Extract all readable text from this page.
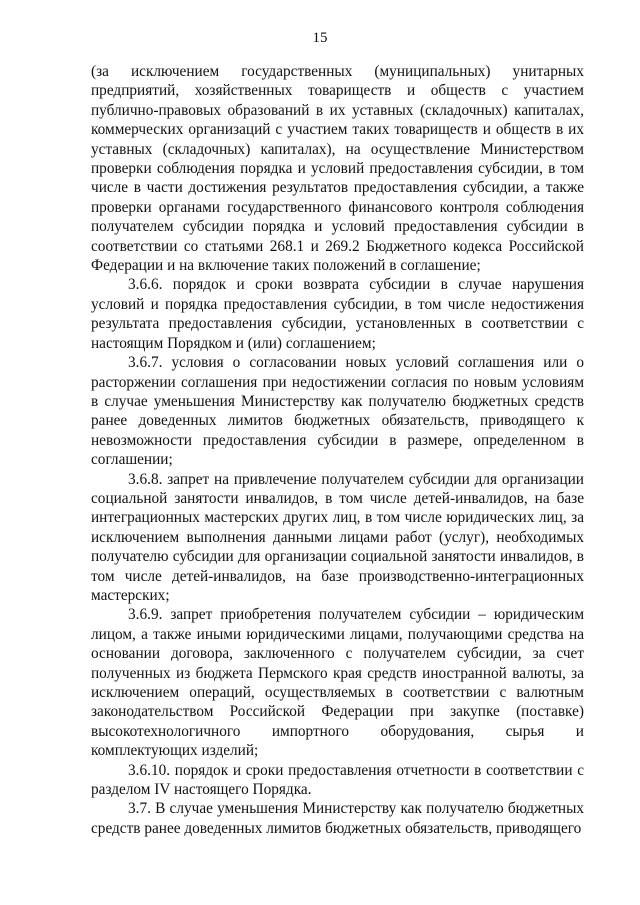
15

(за исключением государственных (муниципальных) унитарных предприятий, хозяйственных товариществ и обществ с участием публично-правовых образований в их уставных (складочных) капиталах, коммерческих организаций с участием таких товариществ и обществ в их уставных (складочных) капиталах), на осуществление Министерством проверки соблюдения порядка и условий предоставления субсидии, в том числе в части достижения результатов предоставления субсидии, а также проверки органами государственного финансового контроля соблюдения получателем субсидии порядка и условий предоставления субсидии в соответствии со статьями 268.1 и 269.2 Бюджетного кодекса Российской Федерации и на включение таких положений в соглашение;

3.6.6. порядок и сроки возврата субсидии в случае нарушения условий и порядка предоставления субсидии, в том числе недостижения результата предоставления субсидии, установленных в соответствии с настоящим Порядком и (или) соглашением;

3.6.7. условия о согласовании новых условий соглашения или о расторжении соглашения при недостижении согласия по новым условиям в случае уменьшения Министерству как получателю бюджетных средств ранее доведенных лимитов бюджетных обязательств, приводящего к невозможности предоставления субсидии в размере, определенном в соглашении;

3.6.8. запрет на привлечение получателем субсидии для организации социальной занятости инвалидов, в том числе детей-инвалидов, на базе интеграционных мастерских других лиц, в том числе юридических лиц, за исключением выполнения данными лицами работ (услуг), необходимых получателю субсидии для организации социальной занятости инвалидов, в том числе детей-инвалидов, на базе производственно-интеграционных мастерских;

3.6.9. запрет приобретения получателем субсидии – юридическим лицом, а также иными юридическими лицами, получающими средства на основании договора, заключенного с получателем субсидии, за счет полученных из бюджета Пермского края средств иностранной валюты, за исключением операций, осуществляемых в соответствии с валютным законодательством Российской Федерации при закупке (поставке) высокотехнологичного импортного оборудования, сырья и комплектующих изделий;

3.6.10. порядок и сроки предоставления отчетности в соответствии с разделом IV настоящего Порядка.

3.7. В случае уменьшения Министерству как получателю бюджетных средств ранее доведенных лимитов бюджетных обязательств, приводящего
